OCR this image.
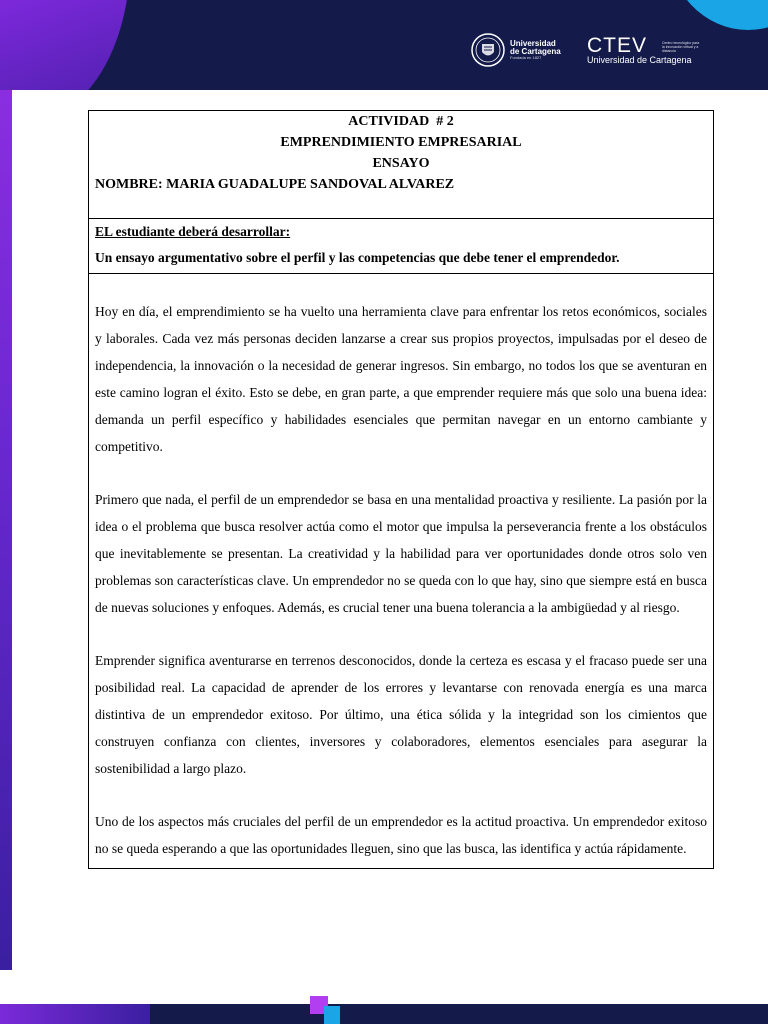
Universidad
de Cartagena
Fundada en 1827
CTEV
Universidad de Cartagena
Centro tecnológico para la innovación virtual y a distancia
ACTIVIDAD  # 2
EMPRENDIMIENTO EMPRESARIAL
ENSAYO
NOMBRE: MARIA GUADALUPE SANDOVAL ALVAREZ
EL estudiante deberá desarrollar:
Un ensayo argumentativo sobre el perfil y las competencias que debe tener el emprendedor.

Hoy en día, el emprendimiento se ha vuelto una herramienta clave para enfrentar los retos económicos, sociales y laborales. Cada vez más personas deciden lanzarse a crear sus propios proyectos, impulsadas por el deseo de independencia, la innovación o la necesidad de generar ingresos. Sin embargo, no todos los que se aventuran en este camino logran el éxito. Esto se debe, en gran parte, a que emprender requiere más que solo una buena idea: demanda un perfil específico y habilidades esenciales que permitan navegar en un entorno cambiante y competitivo.

Primero que nada, el perfil de un emprendedor se basa en una mentalidad proactiva y resiliente. La pasión por la idea o el problema que busca resolver actúa como el motor que impulsa la perseverancia frente a los obstáculos que inevitablemente se presentan. La creatividad y la habilidad para ver oportunidades donde otros solo ven problemas son características clave. Un emprendedor no se queda con lo que hay, sino que siempre está en busca de nuevas soluciones y enfoques. Además, es crucial tener una buena tolerancia a la ambigüedad y al riesgo.

Emprender significa aventurarse en terrenos desconocidos, donde la certeza es escasa y el fracaso puede ser una posibilidad real. La capacidad de aprender de los errores y levantarse con renovada energía es una marca distintiva de un emprendedor exitoso. Por último, una ética sólida y la integridad son los cimientos que construyen confianza con clientes, inversores y colaboradores, elementos esenciales para asegurar la sostenibilidad a largo plazo.

Uno de los aspectos más cruciales del perfil de un emprendedor es la actitud proactiva. Un emprendedor exitoso no se queda esperando a que las oportunidades lleguen, sino que las busca, las identifica y actúa rápidamente.
